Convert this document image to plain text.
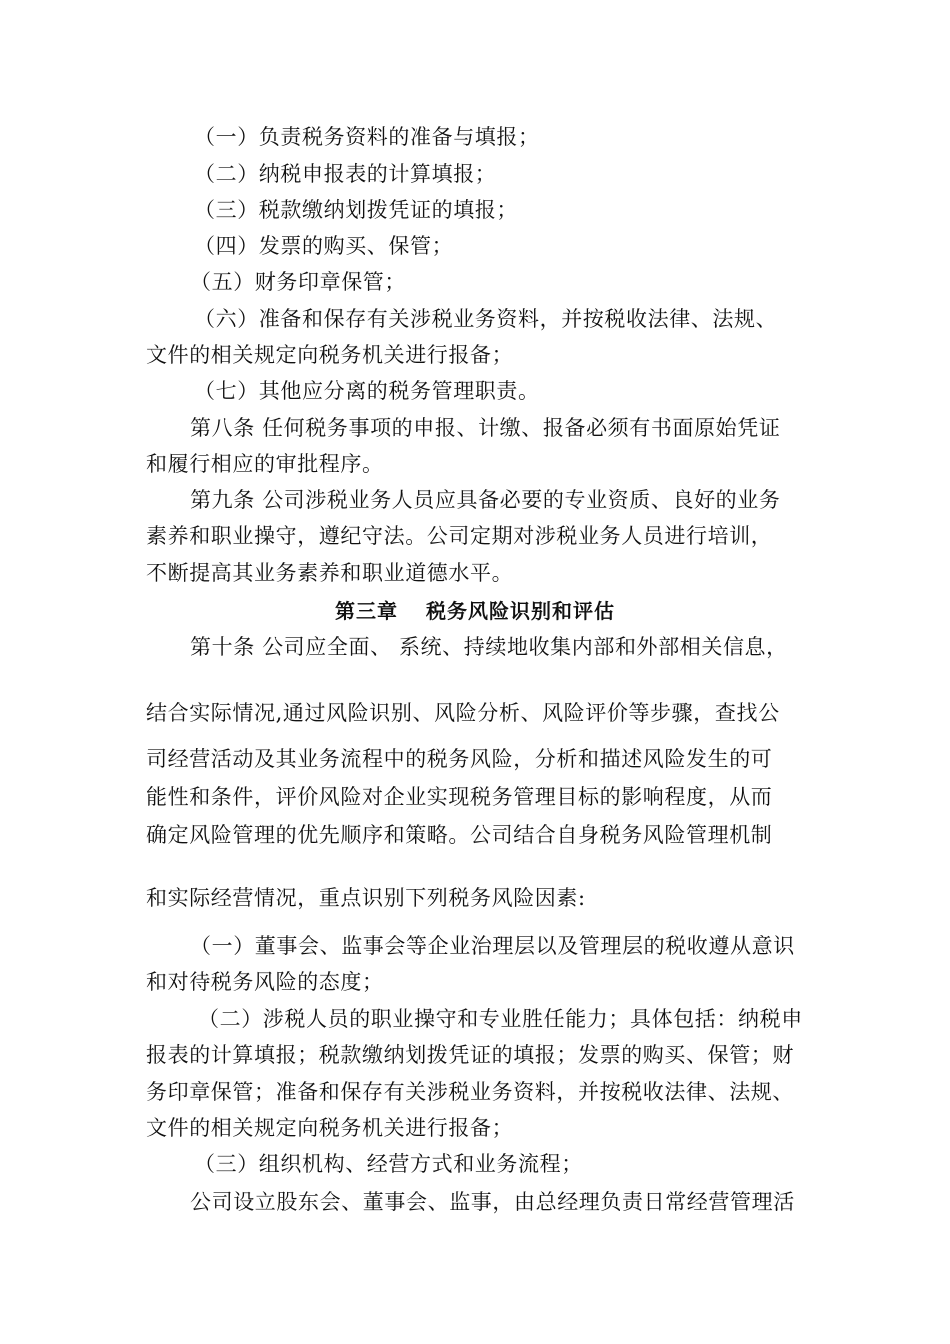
（一）负责税务资料的准备与填报；
（二）纳税申报表的计算填报；
（三）税款缴纳划拨凭证的填报；
（四）发票的购买、保管；
（五）财务印章保管；
（六）准备和保存有关涉税业务资料，并按税收法律、法规、
文件的相关规定向税务机关进行报备；
（七）其他应分离的税务管理职责。
第八条 任何税务事项的申报、计缴、报备必须有书面原始凭证
和履行相应的审批程序。
第九条 公司涉税业务人员应具备必要的专业资质、良好的业务
素养和职业操守，遵纪守法。公司定期对涉税业务人员进行培训，
不断提高其业务素养和职业道德水平。
第三章 税务风险识别和评估
第十条 公司应全面、 系统、持续地收集内部和外部相关信息，
结合实际情况,通过风险识别、风险分析、风险评价等步骤，查找公
司经营活动及其业务流程中的税务风险，分析和描述风险发生的可
能性和条件，评价风险对企业实现税务管理目标的影响程度，从而
确定风险管理的优先顺序和策略。公司结合自身税务风险管理机制
和实际经营情况，重点识别下列税务风险因素:
（一）董事会、监事会等企业治理层以及管理层的税收遵从意识
和对待税务风险的态度；
（二）涉税人员的职业操守和专业胜任能力；具体包括：纳税申
报表的计算填报；税款缴纳划拨凭证的填报；发票的购买、保管；财
务印章保管；准备和保存有关涉税业务资料，并按税收法律、法规、
文件的相关规定向税务机关进行报备；
（三）组织机构、经营方式和业务流程；
公司设立股东会、董事会、监事，由总经理负责日常经营管理活
